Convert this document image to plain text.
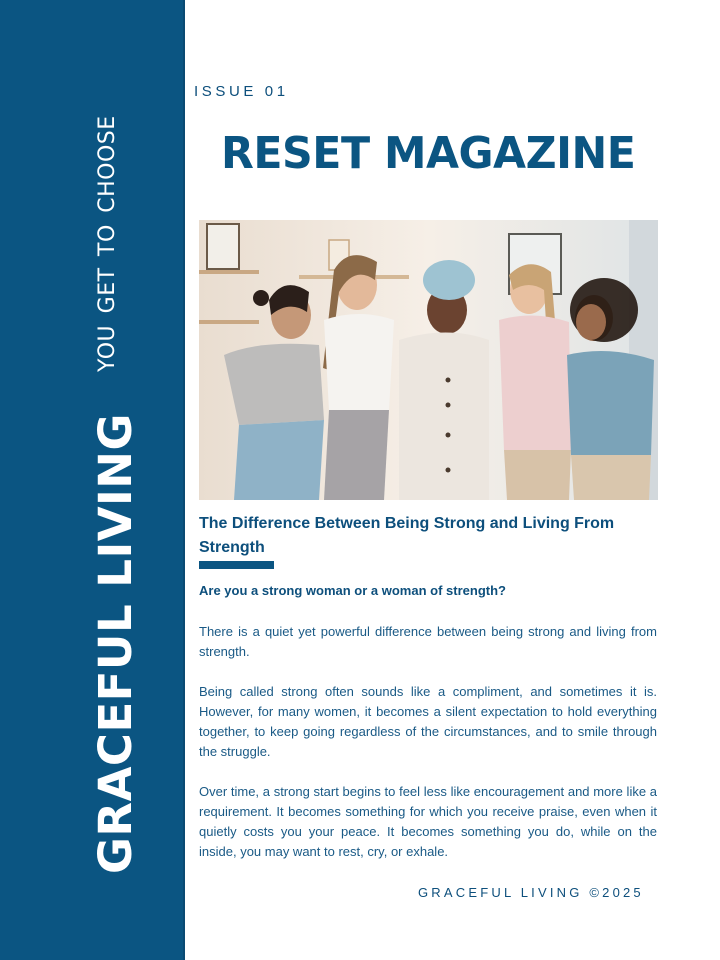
GRACEFUL LIVING
YOU GET TO CHOOSE
ISSUE 01
RESET MAGAZINE
The Difference Between Being Strong and Living From Strength
Are you a strong woman or a woman of strength?

There is a quiet yet powerful difference between being strong and living from strength.

Being called strong often sounds like a compliment, and sometimes it is. However, for many women, it becomes a silent expectation to hold everything together, to keep going regardless of the circumstances, and to smile through the struggle.

Over time, a strong start begins to feel less like encouragement and more like a requirement. It becomes something for which you receive praise, even when it quietly costs you your peace. It becomes something you do, while on the inside, you may want to rest, cry, or exhale.

GRACEFUL LIVING ©2025
